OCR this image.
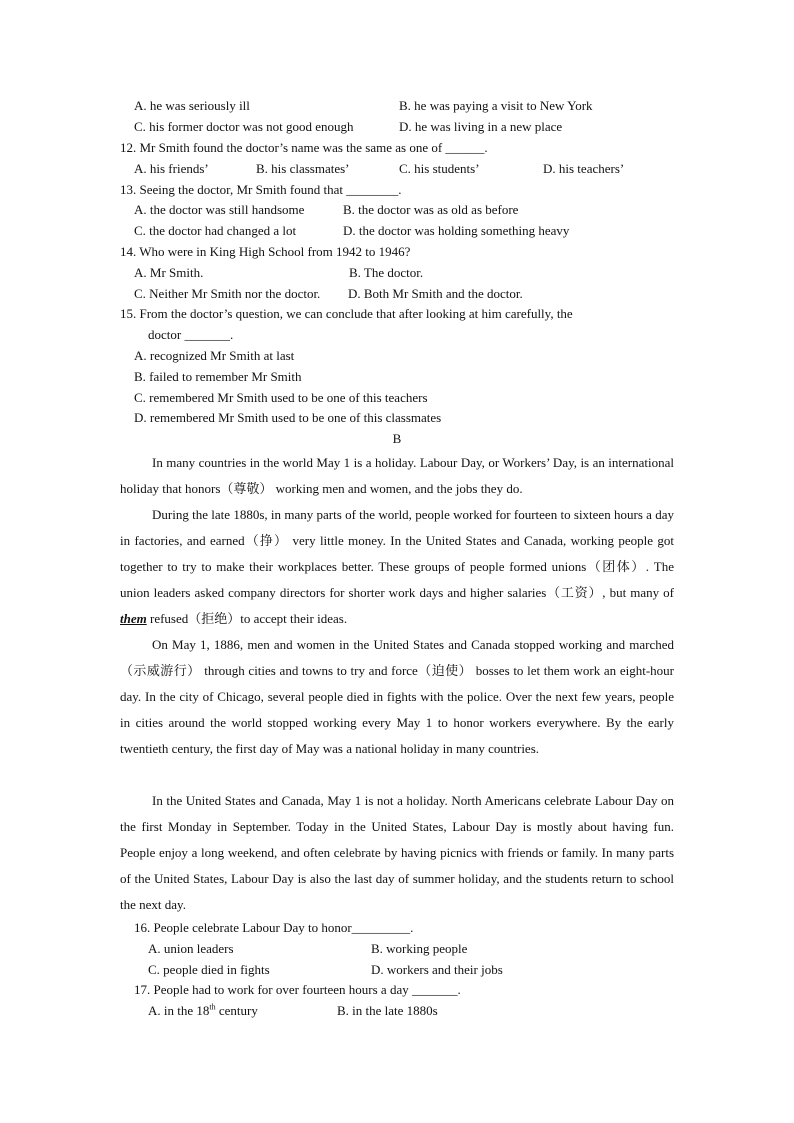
A. he was seriously ill	B. he was paying a visit to New York
C. his former doctor was not good enough	D. he was living in a new place
12. Mr Smith found the doctor’s name was the same as one of ______.
A. his friends’	B. his classmates’	C. his students’	D. his teachers’
13. Seeing the doctor, Mr Smith found that ________.
A. the doctor was still handsome	B. the doctor was as old as before
C. the doctor had changed a lot	D. the doctor was holding something heavy
14. Who were in King High School from 1942 to 1946?
A. Mr Smith.	B. The doctor.
C. Neither Mr Smith nor the doctor. D. Both Mr Smith and the doctor.
15. From the doctor’s question, we can conclude that after looking at him carefully, the
doctor _______.
A. recognized Mr Smith at last
B. failed to remember Mr Smith
C. remembered Mr Smith used to be one of this teachers
D. remembered Mr Smith used to be one of this classmates
B
In many countries in the world May 1 is a holiday. Labour Day, or Workers’ Day, is an international holiday that honors（尊敬） working men and women, and the jobs they do.
During the late 1880s, in many parts of the world, people worked for fourteen to sixteen hours a day in factories, and earned（挣） very little money. In the United States and Canada, working people got together to try to make their workplaces better. These groups of people formed unions（团体）. The union leaders asked company directors for shorter work days and higher salaries（工资）, but many of them refused（拒绝）to accept their ideas.
On May 1, 1886, men and women in the United States and Canada stopped working and marched（示威游行） through cities and towns to try and force（迫使） bosses to let them work an eight-hour day. In the city of Chicago, several people died in fights with the police. Over the next few years, people in cities around the world stopped working every May 1 to honor workers everywhere. By the early twentieth century, the first day of May was a national holiday in many countries.
In the United States and Canada, May 1 is not a holiday. North Americans celebrate Labour Day on the first Monday in September. Today in the United States, Labour Day is mostly about having fun. People enjoy a long weekend, and often celebrate by having picnics with friends or family. In many parts of the United States, Labour Day is also the last day of summer holiday, and the students return to school the next day.
16. People celebrate Labour Day to honor_________.
A. union leaders	B. working people
C. people died in fights	D. workers and their jobs
17. People had to work for over fourteen hours a day _______.
A. in the 18th century	B. in the late 1880s
